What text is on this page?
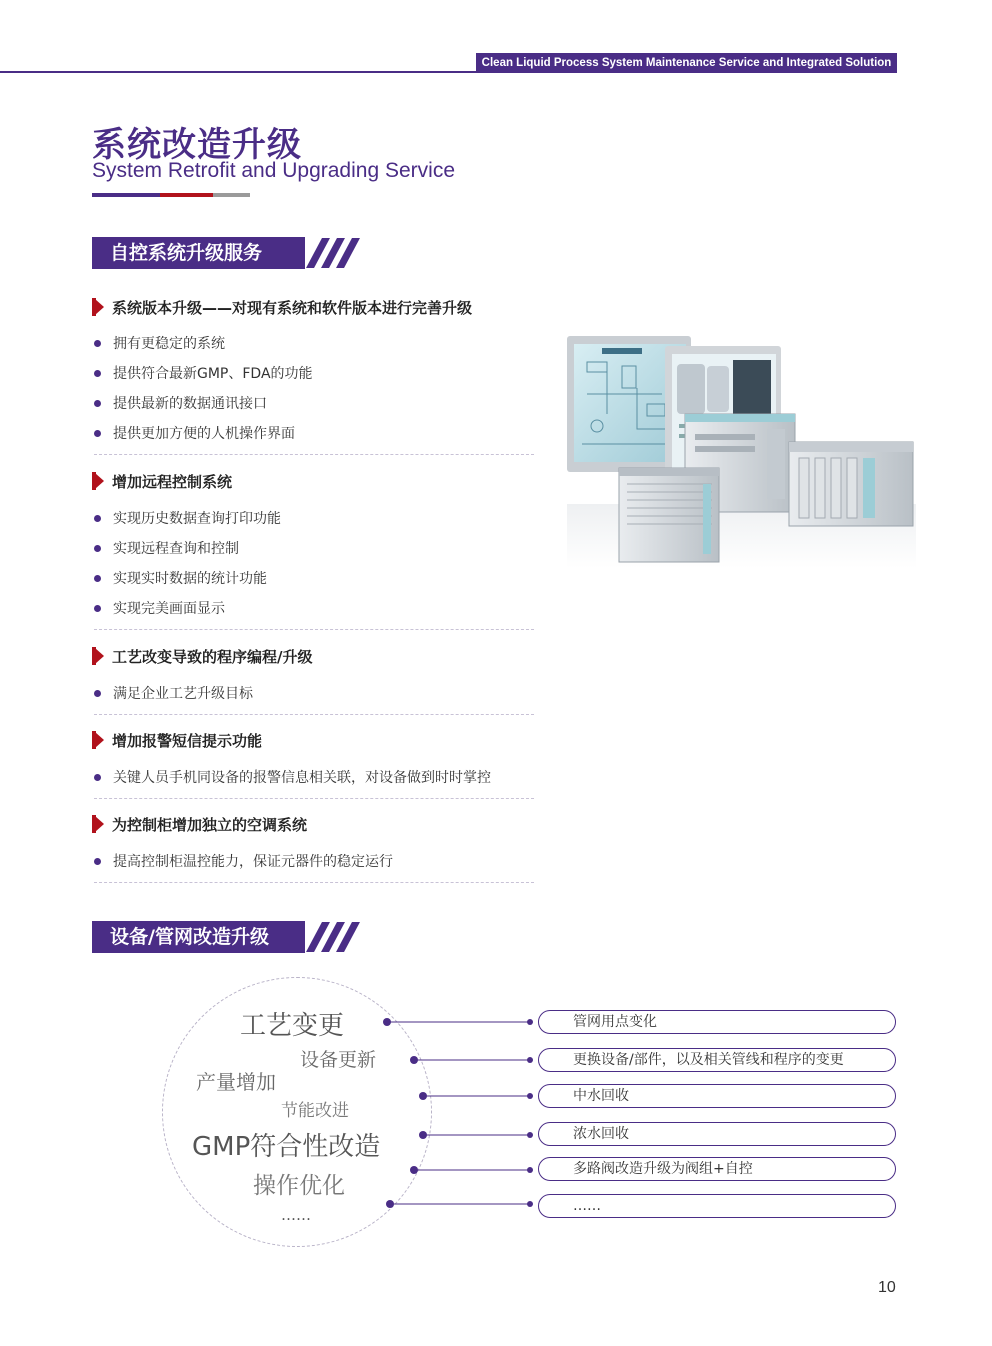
Clean Liquid Process System Maintenance Service and Integrated Solution
系统改造升级
System Retrofit and Upgrading Service
自控系统升级服务
系统版本升级——对现有系统和软件版本进行完善升级
拥有更稳定的系统
提供符合最新GMP、FDA的功能
提供最新的数据通讯接口
提供更加方便的人机操作界面
增加远程控制系统
实现历史数据查询打印功能
实现远程查询和控制
实现实时数据的统计功能
实现完美画面显示
工艺改变导致的程序编程/升级
满足企业工艺升级目标
增加报警短信提示功能
关键人员手机同设备的报警信息相关联，对设备做到时时掌控
为控制柜增加独立的空调系统
提高控制柜温控能力，保证元器件的稳定运行
设备/管网改造升级
工艺变更
设备更新
产量增加
节能改进
GMP符合性改造
操作优化
……
管网用点变化
更换设备/部件，以及相关管线和程序的变更
中水回收
浓水回收
多路阀改造升级为阀组+自控
……
10
